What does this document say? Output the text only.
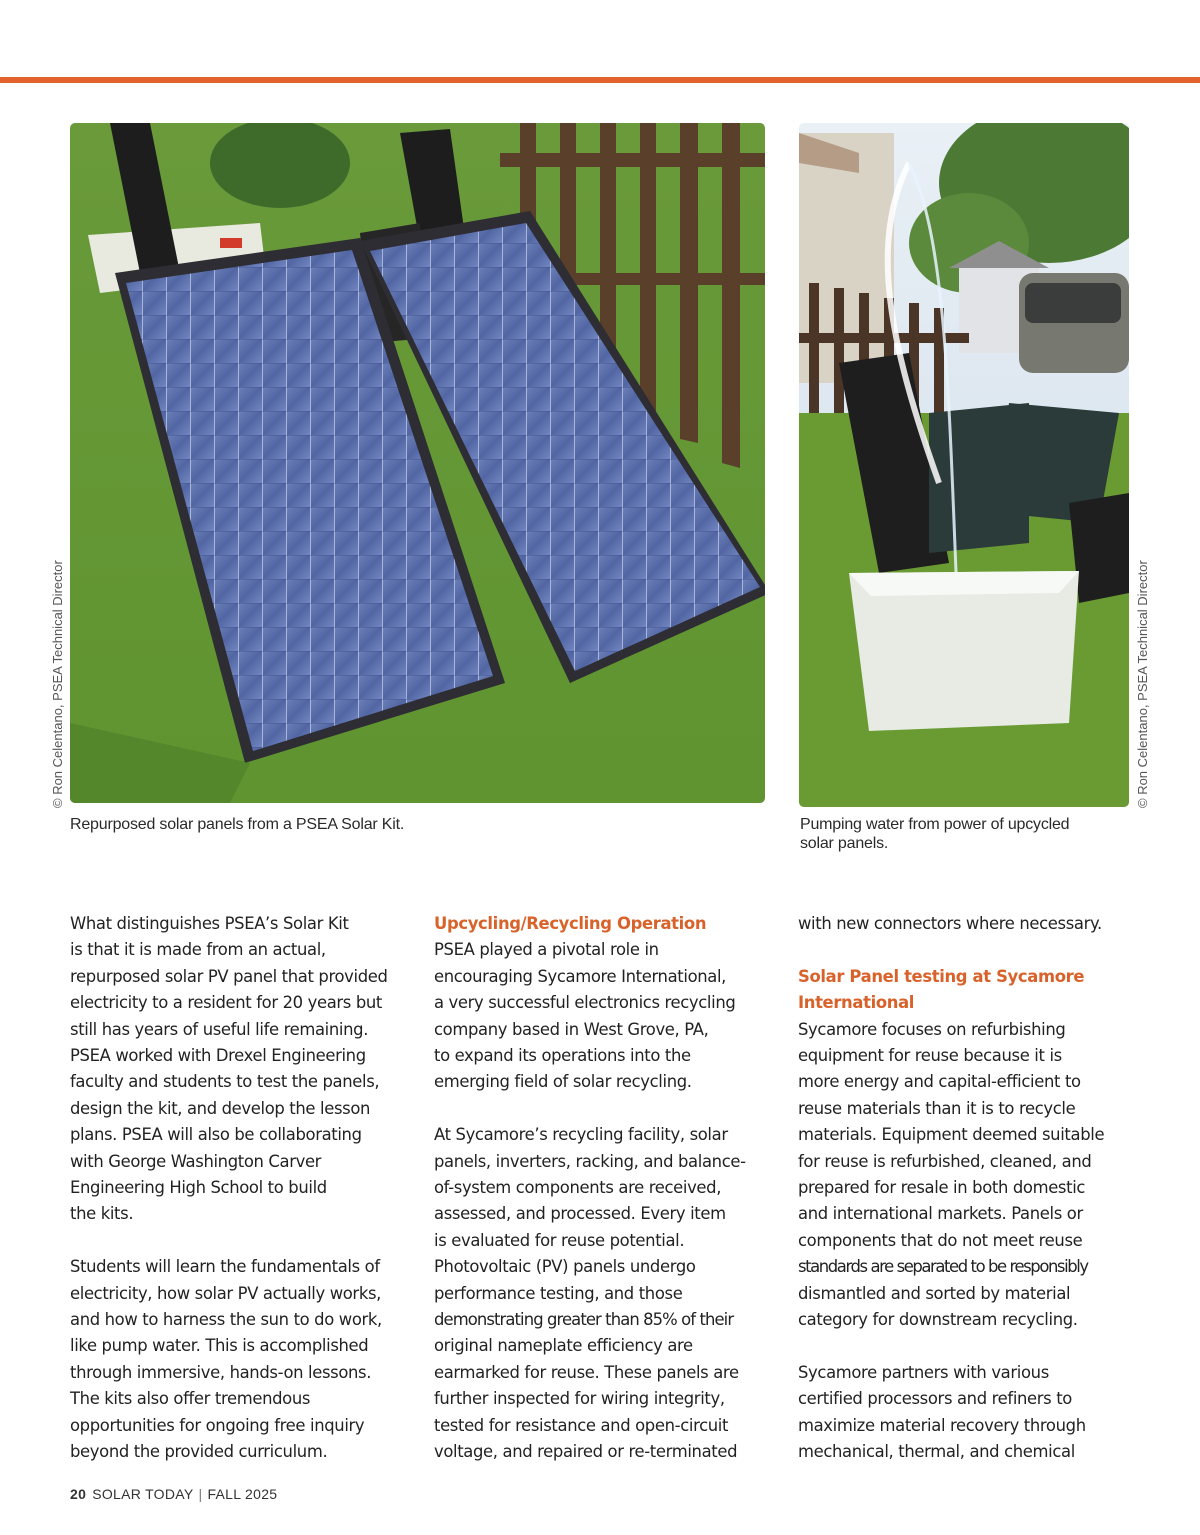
© Ron Celentano, PSEA Technical Director
Repurposed solar panels from a PSEA Solar Kit.
© Ron Celentano, PSEA Technical Director
Pumping water from power of upcycled
solar panels.

What distinguishes PSEA’s Solar Kit
is that it is made from an actual,
repurposed solar PV panel that provided
electricity to a resident for 20 years but
still has years of useful life remaining.
PSEA worked with Drexel Engineering
faculty and students to test the panels,
design the kit, and develop the lesson
plans. PSEA will also be collaborating
with George Washington Carver
Engineering High School to build
the kits.

Students will learn the fundamentals of
electricity, how solar PV actually works,
and how to harness the sun to do work,
like pump water. This is accomplished
through immersive, hands-on lessons.
The kits also offer tremendous
opportunities for ongoing free inquiry
beyond the provided curriculum.

Upcycling/Recycling Operation

PSEA played a pivotal role in
encouraging Sycamore International,
a very successful electronics recycling
company based in West Grove, PA,
to expand its operations into the
emerging field of solar recycling.

At Sycamore’s recycling facility, solar
panels, inverters, racking, and balance-
of-system components are received,
assessed, and processed. Every item
is evaluated for reuse potential.
Photovoltaic (PV) panels undergo
performance testing, and those
demonstrating greater than 85% of their
original nameplate efficiency are
earmarked for reuse. These panels are
further inspected for wiring integrity,
tested for resistance and open-circuit
voltage, and repaired or re-terminated

with new connectors where necessary.

Solar Panel testing at Sycamore
International

Sycamore focuses on refurbishing
equipment for reuse because it is
more energy and capital-efficient to
reuse materials than it is to recycle
materials. Equipment deemed suitable
for reuse is refurbished, cleaned, and
prepared for resale in both domestic
and international markets. Panels or
components that do not meet reuse
standards are separated to be responsibly
dismantled and sorted by material
category for downstream recycling.

Sycamore partners with various
certified processors and refiners to
maximize material recovery through
mechanical, thermal, and chemical

20 SOLAR TODAY | FALL 2025
